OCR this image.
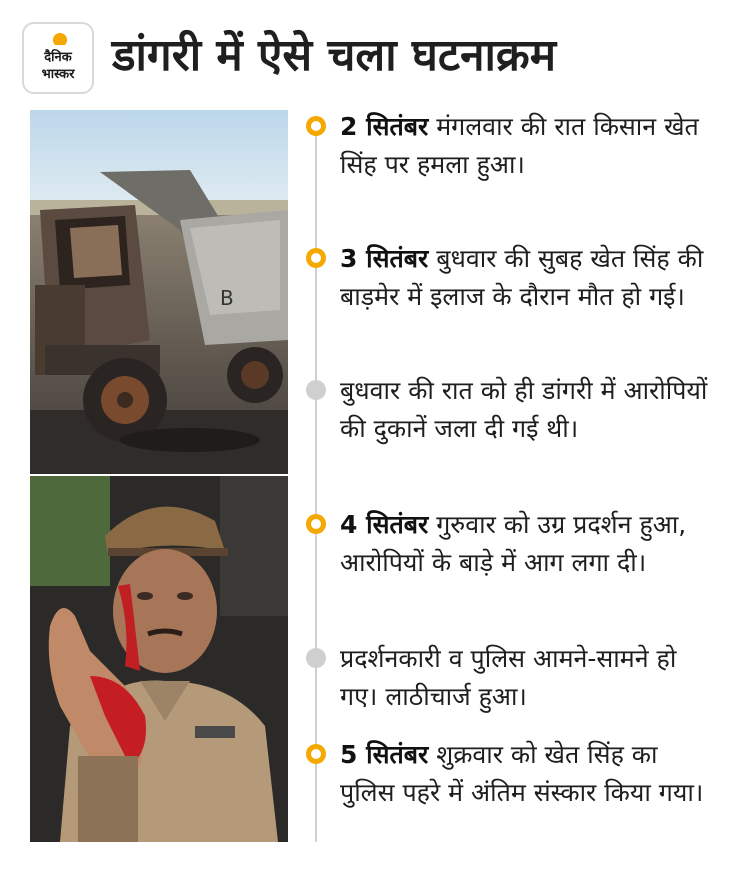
दैनिक
भास्कर डांगरी में ऐसे चला घटनाक्रम
B
2 सितंबर मंगलवार की रात किसान खेत सिंह पर हमला हुआ।
3 सितंबर बुधवार की सुबह खेत सिंह की बाड़मेर में इलाज के दौरान मौत हो गई।
बुधवार की रात को ही डांगरी में आरोपियों की दुकानें जला दी गई थी।
4 सितंबर गुरुवार को उग्र प्रदर्शन हुआ, आरोपियों के बाड़े में आग लगा दी।
प्रदर्शनकारी व पुलिस आमने-सामने हो गए। लाठीचार्ज हुआ।
5 सितंबर शुक्रवार को खेत सिंह का पुलिस पहरे में अंतिम संस्कार किया गया।
